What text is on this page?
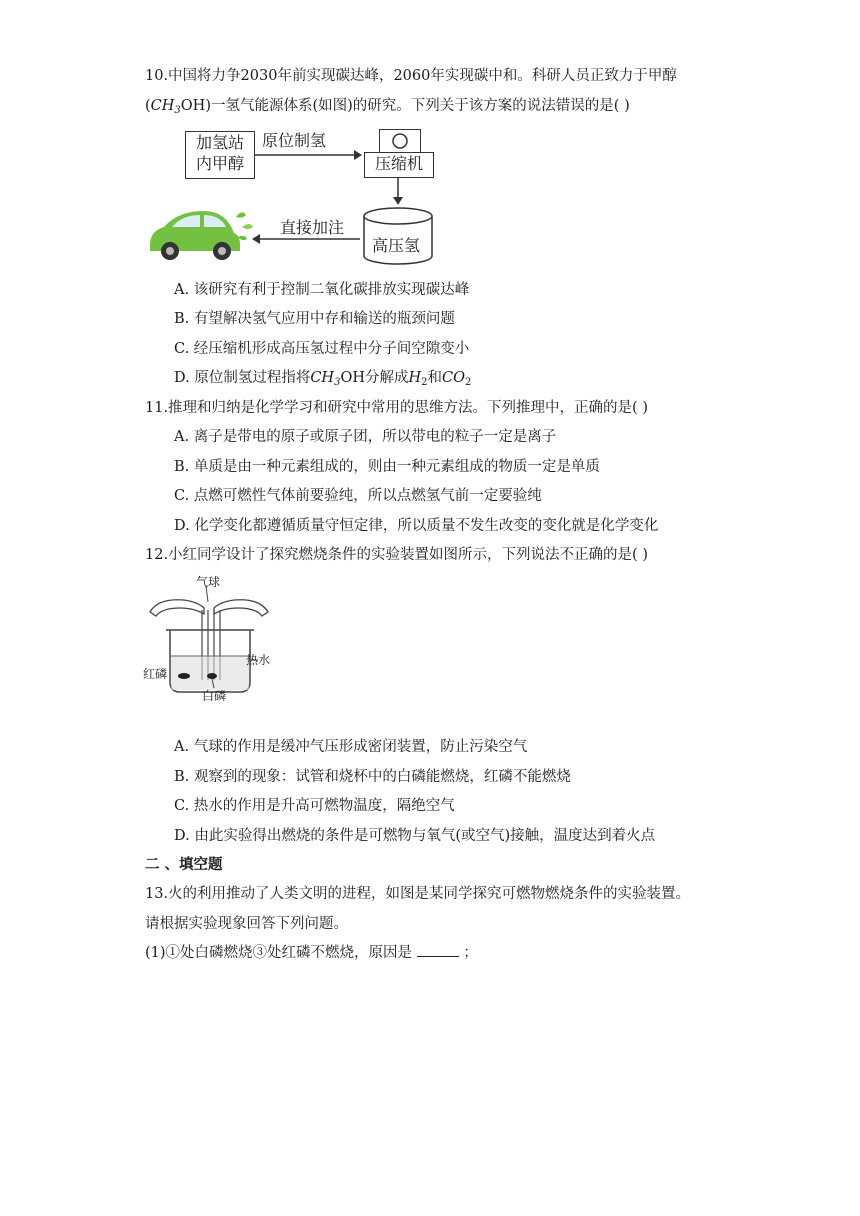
10.中国将力争2030年前实现碳达峰，2060年实现碳中和。科研人员正致力于甲醇
$(CH_3OH)$一氢气能源体系(如图)的研究。下列关于该方案的说法错误的是( )
加氢站
内甲醇
原位制氢
压缩机
高压氢
直接加注
A. 该研究有利于控制二氧化碳排放实现碳达峰
B. 有望解决氢气应用中存和输送的瓶颈问题
C. 经压缩机形成高压氢过程中分子间空隙变小
D. 原位制氢过程指将$CH_3OH$分解成$H_2$和$CO_2$
11.推理和归纳是化学学习和研究中常用的思维方法。下列推理中，正确的是( )
A. 离子是带电的原子或原子团，所以带电的粒子一定是离子
B. 单质是由一种元素组成的，则由一种元素组成的物质一定是单质
C. 点燃可燃性气体前要验纯，所以点燃氢气前一定要验纯
D. 化学变化都遵循质量守恒定律，所以质量不发生改变的变化就是化学变化
12.小红同学设计了探究燃烧条件的实验装置如图所示，下列说法不正确的是( )
气球
热水
红磷
白磷
A. 气球的作用是缓冲气压形成密闭装置，防止污染空气
B. 观察到的现象：试管和烧杯中的白磷能燃烧，红磷不能燃烧
C. 热水的作用是升高可燃物温度，隔绝空气
D. 由此实验得出燃烧的条件是可燃物与氧气(或空气)接触，温度达到着火点
二 、填空题
13.火的利用推动了人类文明的进程，如图是某同学探究可燃物燃烧条件的实验装置。
请根据实验现象回答下列问题。
(1)①处白磷燃烧③处红磷不燃烧，原因是	；
